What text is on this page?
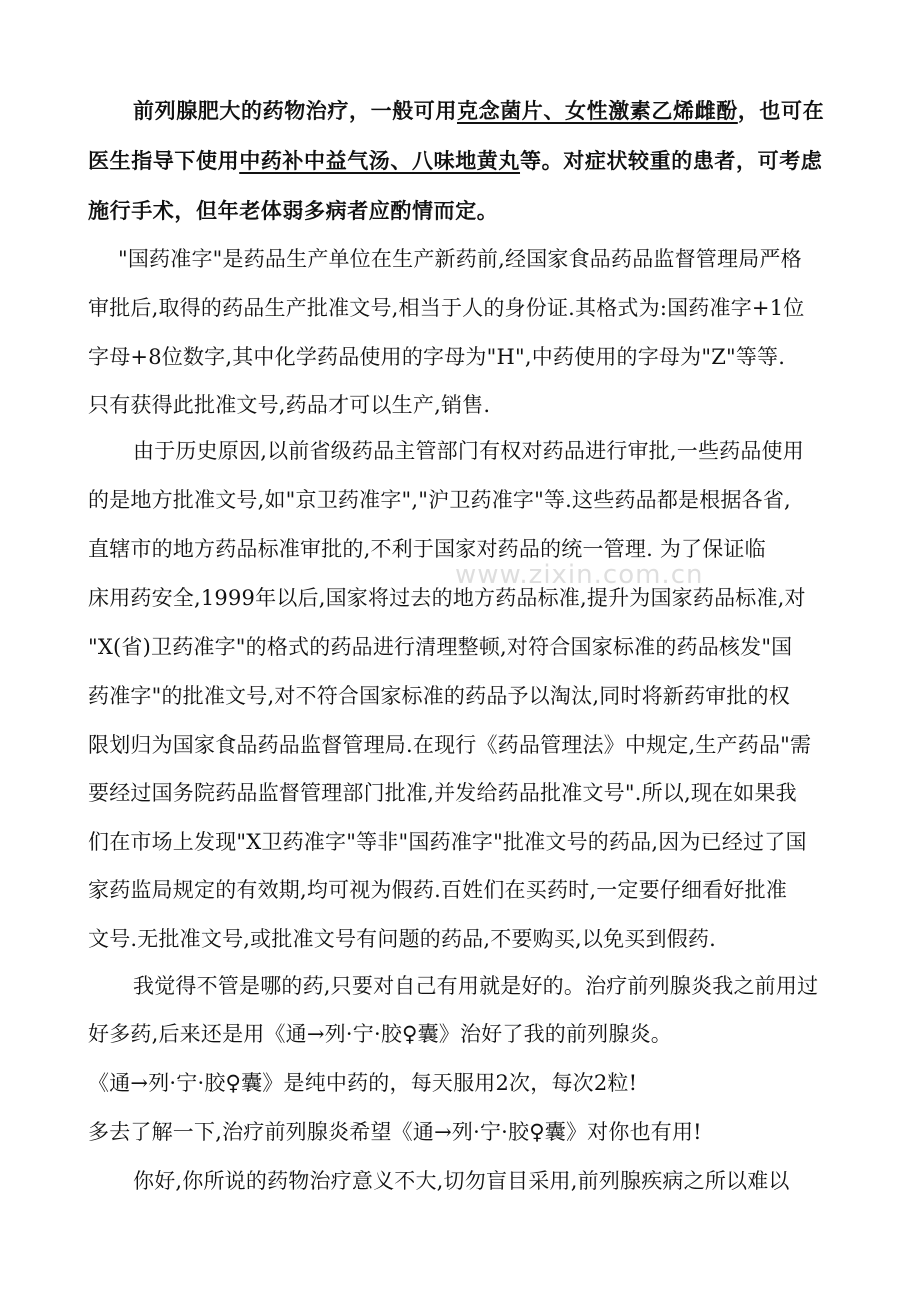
www.zixin.com.cn
前列腺肥大的药物治疗，一般可用克念菌片、女性激素乙烯雌酚，也可在
医生指导下使用中药补中益气汤、八味地黄丸等。对症状较重的患者，可考虑
施行手术，但年老体弱多病者应酌情而定。
"国药准字"是药品生产单位在生产新药前,经国家食品药品监督管理局严格
审批后,取得的药品生产批准文号,相当于人的身份证.其格式为:国药准字+1位
字母+8位数字,其中化学药品使用的字母为"H",中药使用的字母为"Z"等等.
只有获得此批准文号,药品才可以生产,销售.
由于历史原因,以前省级药品主管部门有权对药品进行审批,一些药品使用
的是地方批准文号,如"京卫药准字","沪卫药准字"等.这些药品都是根据各省,
直辖市的地方药品标准审批的,不利于国家对药品的统一管理. 为了保证临
床用药安全,1999年以后,国家将过去的地方药品标准,提升为国家药品标准,对
"X(省)卫药准字"的格式的药品进行清理整顿,对符合国家标准的药品核发"国
药准字"的批准文号,对不符合国家标准的药品予以淘汰,同时将新药审批的权
限划归为国家食品药品监督管理局.在现行《药品管理法》中规定,生产药品"需
要经过国务院药品监督管理部门批准,并发给药品批准文号".所以,现在如果我
们在市场上发现"X卫药准字"等非"国药准字"批准文号的药品,因为已经过了国
家药监局规定的有效期,均可视为假药.百姓们在买药时,一定要仔细看好批准
文号.无批准文号,或批准文号有问题的药品,不要购买,以免买到假药.
我觉得不管是哪的药,只要对自己有用就是好的。治疗前列腺炎我之前用过
好多药,后来还是用《通→列·宁·胶♀囊》治好了我的前列腺炎。
《通→列·宁·胶♀囊》是纯中药的，每天服用2次，每次2粒!
多去了解一下,治疗前列腺炎希望《通→列·宁·胶♀囊》对你也有用!
你好,你所说的药物治疗意义不大,切勿盲目采用,前列腺疾病之所以难以
